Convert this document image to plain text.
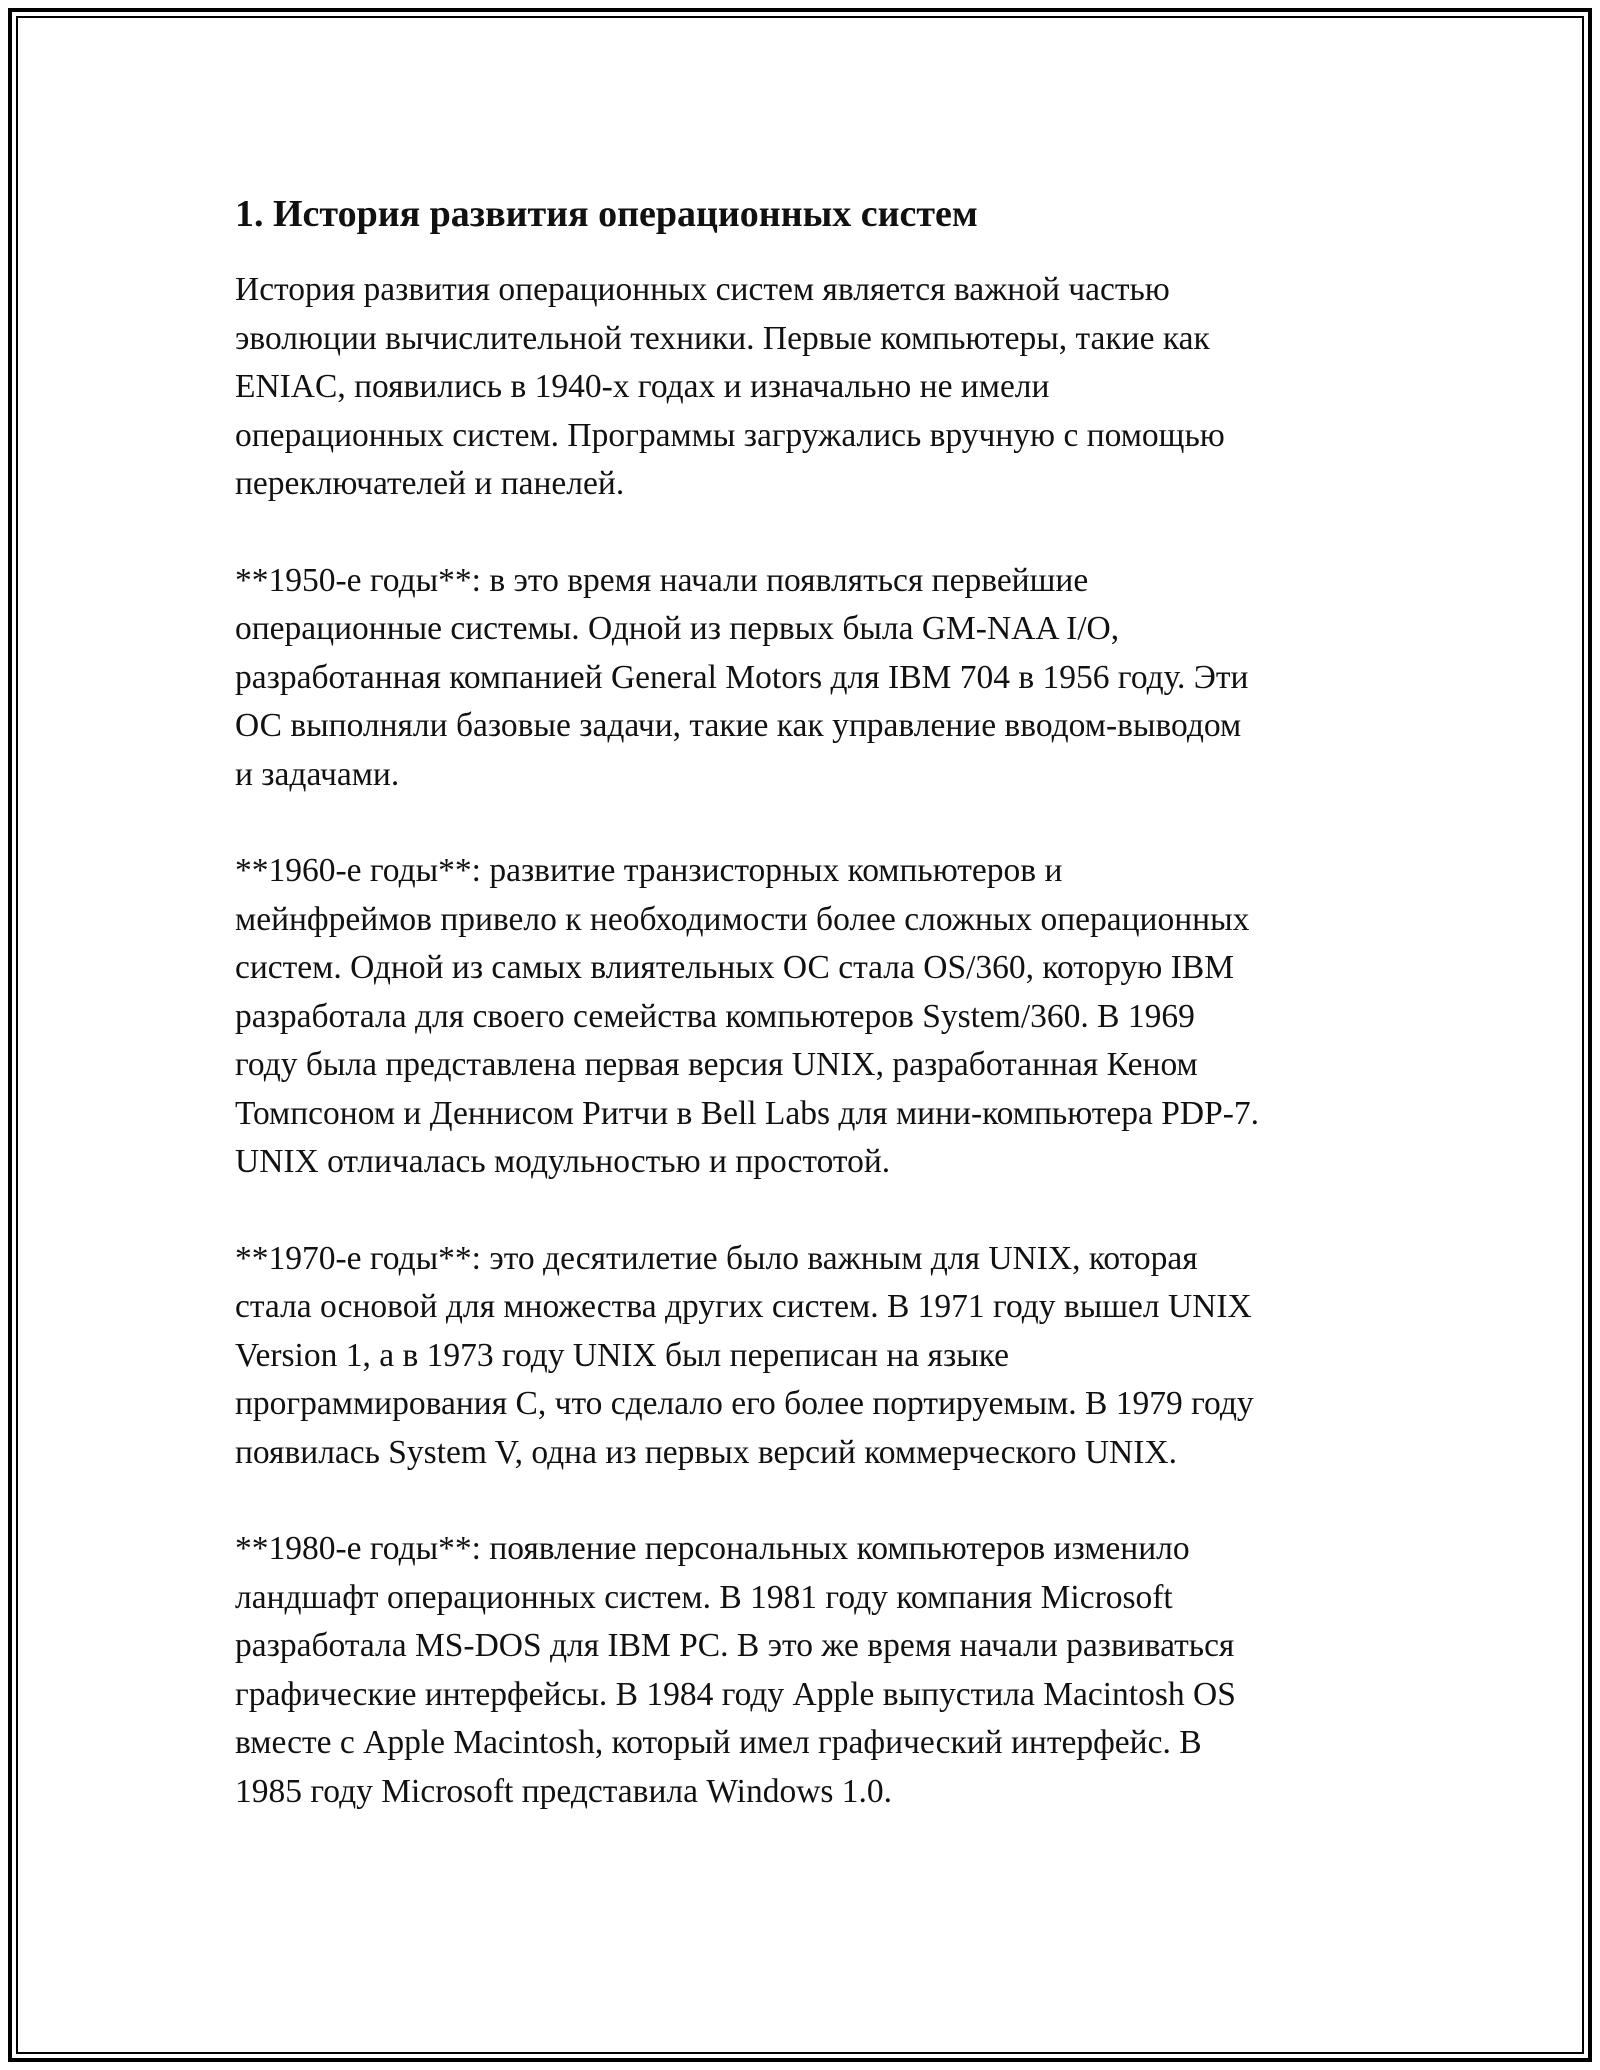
1. История развития операционных систем

История развития операционных систем является важной частью
эволюции вычислительной техники. Первые компьютеры, такие как
ENIAC, появились в 1940-х годах и изначально не имели
операционных систем. Программы загружались вручную с помощью
переключателей и панелей.

**1950-е годы**: в это время начали появляться первейшие
операционные системы. Одной из первых была GM-NAA I/O,
разработанная компанией General Motors для IBM 704 в 1956 году. Эти
ОС выполняли базовые задачи, такие как управление вводом-выводом
и задачами.

**1960-е годы**: развитие транзисторных компьютеров и
мейнфреймов привело к необходимости более сложных операционных
систем. Одной из самых влиятельных ОС стала OS/360, которую IBM
разработала для своего семейства компьютеров System/360. В 1969
году была представлена первая версия UNIX, разработанная Кеном
Томпсоном и Деннисом Ритчи в Bell Labs для мини-компьютера PDP-7.
UNIX отличалась модульностью и простотой.

**1970-е годы**: это десятилетие было важным для UNIX, которая
стала основой для множества других систем. В 1971 году вышел UNIX
Version 1, а в 1973 году UNIX был переписан на языке
программирования C, что сделало его более портируемым. В 1979 году
появилась System V, одна из первых версий коммерческого UNIX.

**1980-е годы**: появление персональных компьютеров изменило
ландшафт операционных систем. В 1981 году компания Microsoft
разработала MS-DOS для IBM PC. В это же время начали развиваться
графические интерфейсы. В 1984 году Apple выпустила Macintosh OS
вместе с Apple Macintosh, который имел графический интерфейс. В
1985 году Microsoft представила Windows 1.0.
